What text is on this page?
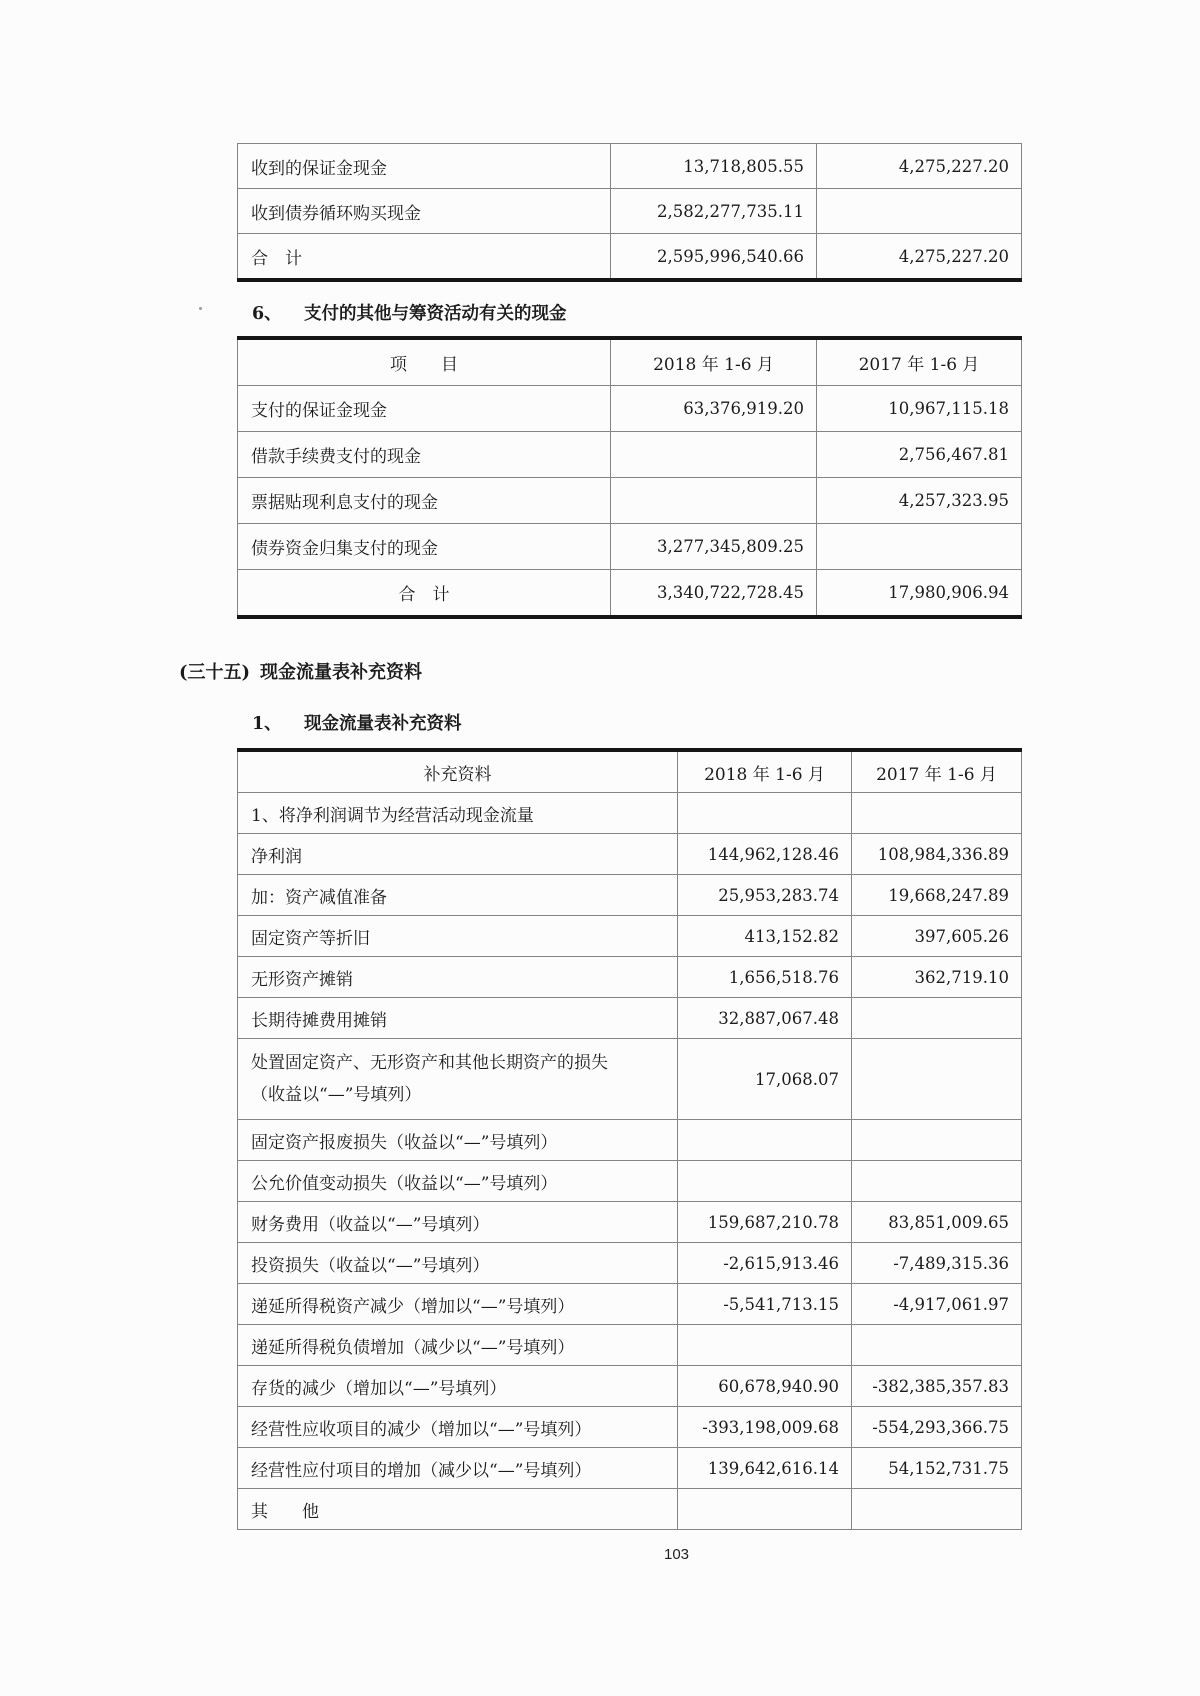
收到的保证金现金	13,718,805.55	4,275,227.20
收到债券循环购买现金	2,582,277,735.11	
合　计	2,595,996,540.66	4,275,227.20
6、 支付的其他与筹资活动有关的现金
项　　目	2018 年 1-6 月	2017 年 1-6 月
支付的保证金现金	63,376,919.20	10,967,115.18
借款手续费支付的现金		2,756,467.81
票据贴现利息支付的现金		4,257,323.95
债券资金归集支付的现金	3,277,345,809.25	
合　计	3,340,722,728.45	17,980,906.94
(三十五) 现金流量表补充资料
1、 现金流量表补充资料
补充资料	2018 年 1-6 月	2017 年 1-6 月
1、将净利润调节为经营活动现金流量		
净利润	144,962,128.46	108,984,336.89
加：资产减值准备	25,953,283.74	19,668,247.89
固定资产等折旧	413,152.82	397,605.26
无形资产摊销	1,656,518.76	362,719.10
长期待摊费用摊销	32,887,067.48	

处置固定资产、无形资产和其他长期资产的损失
（收益以“—”号填列）	17,068.07	
固定资产报废损失（收益以“—”号填列）		
公允价值变动损失（收益以“—”号填列）		
财务费用（收益以“—”号填列）	159,687,210.78	83,851,009.65
投资损失（收益以“—”号填列）	-2,615,913.46	-7,489,315.36
递延所得税资产减少（增加以“—”号填列）	-5,541,713.15	-4,917,061.97
递延所得税负债增加（减少以“—”号填列）		
存货的减少（增加以“—”号填列）	60,678,940.90	-382,385,357.83
经营性应收项目的减少（增加以“—”号填列）	-393,198,009.68	-554,293,366.75
经营性应付项目的增加（减少以“—”号填列）	139,642,616.14	54,152,731.75
其　　他		
103
